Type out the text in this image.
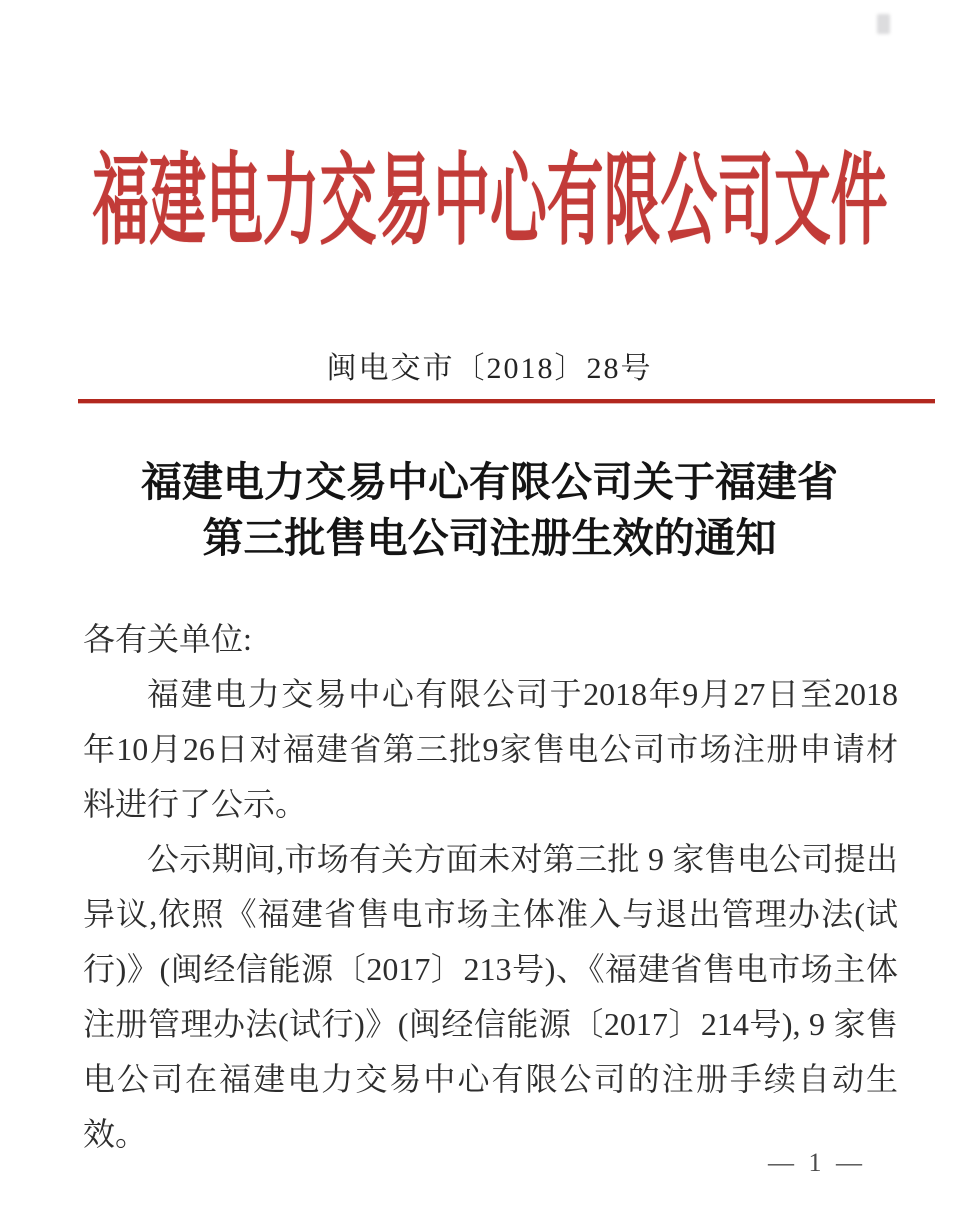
福建电力交易中心有限公司文件
闽电交市〔2018〕28号
福建电力交易中心有限公司关于福建省
第三批售电公司注册生效的通知

各有关单位:

福建电力交易中心有限公司于2018年9月27日至2018年10月26日对福建省第三批9家售电公司市场注册申请材料进行了公示。

公示期间,市场有关方面未对第三批 9 家售电公司提出异议,依照《福建省售电市场主体准入与退出管理办法(试行)》(闽经信能源〔2017〕213号)、《福建省售电市场主体注册管理办法(试行)》(闽经信能源〔2017〕214号), 9 家售电公司在福建电力交易中心有限公司的注册手续自动生效。

— 1 —
